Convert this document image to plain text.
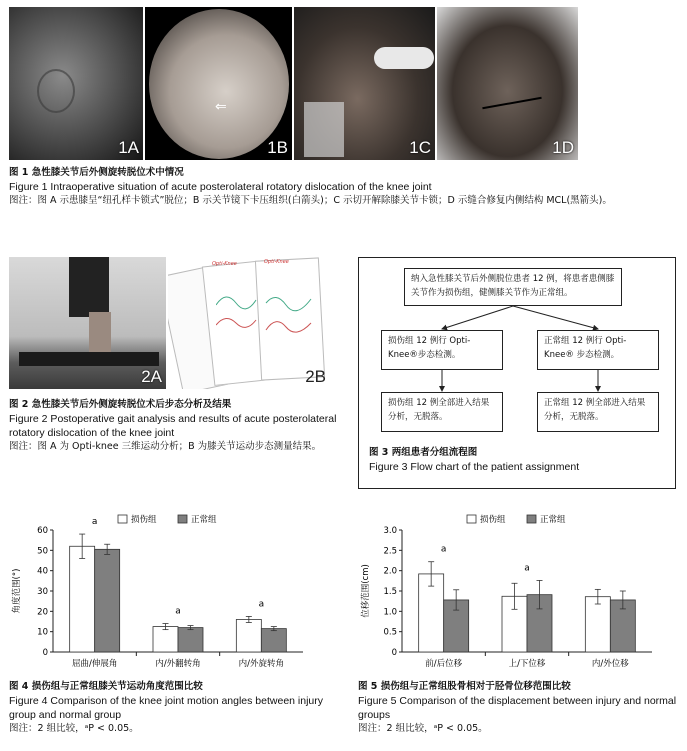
1A
⇐
1B	1C	1D
图 1 急性膝关节后外侧旋转脱位术中情况
Figure 1 Intraoperative situation of acute posterolateral rotatory dislocation of the knee joint
图注：图 A 示患膝呈“纽孔样卡锁式”脱位；B 示关节镜下卡压组织(白箭头)；C 示切开解除膝关节卡锁；D 示缝合修复内侧结构 MCL(黑箭头)。
2A
Opti-Knee	Opti-Knee
2B
图 2 急性膝关节后外侧旋转脱位术后步态分析及结果
Figure 2 Postoperative gait analysis and results of acute posterolateral rotatory dislocation of the knee joint
图注：图 A 为 Opti-knee 三维运动分析；B 为膝关节运动步态测量结果。
纳入急性膝关节后外侧脱位患者 12 例，将患者患侧膝关节作为损伤组，健侧膝关节作为正常组。
损伤组 12 例行 Opti-Knee®步态检测。
正常组 12 例行 Opti-Knee® 步态检测。
损伤组 12 例全部进入结果分析，无脱落。
正常组 12 例全部进入结果分析，无脱落。
图 3 两组患者分组流程图
Figure 3 Flow chart of the patient assignment
角度范围(°)
0
10
20
30
40
50
60
a
屈曲/伸展角
a
内/外翻转角
a
内/外旋转角
损伤组	正常组
图 4 损伤组与正常组膝关节运动角度范围比较
Figure 4 Comparison of the knee joint motion angles between injury group and normal group
图注：2 组比较，ᵃP < 0.05。
位移范围(cm)
0
0.5
1.0
1.5
2.0
2.5
3.0
a
前/后位移
a
上/下位移	内/外位移
损伤组	正常组
图 5 损伤组与正常组股骨相对于胫骨位移范围比较
Figure 5 Comparison of the displacement between injury and normal groups
图注：2 组比较，ᵃP < 0.05。
